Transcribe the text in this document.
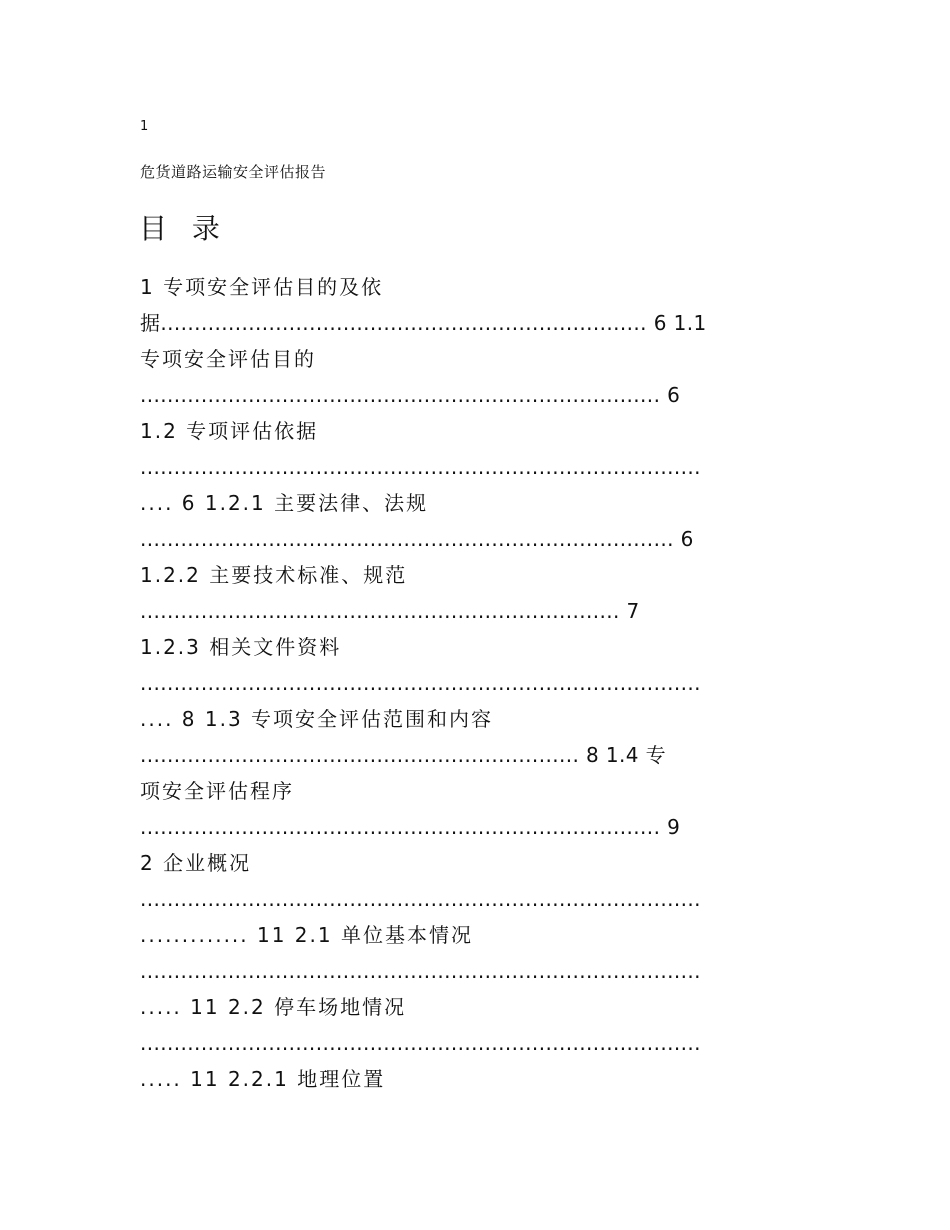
1
危货道路运输安全评估报告
目 录
1 专项安全评估目的及依
据........................................................................ 6 1.1
专项安全评估目的
............................................................................. 6
1.2 专项评估依据
...................................................................................
.... 6 1.2.1 主要法律、法规
............................................................................... 6
1.2.2 主要技术标准、规范
....................................................................... 7
1.2.3 相关文件资料
...................................................................................
.... 8 1.3 专项安全评估范围和内容
................................................................. 8 1.4 专
项安全评估程序
............................................................................. 9
2 企业概况
...................................................................................
............. 11 2.1 单位基本情况
...................................................................................
..... 11 2.2 停车场地情况
...................................................................................
..... 11 2.2.1 地理位置
